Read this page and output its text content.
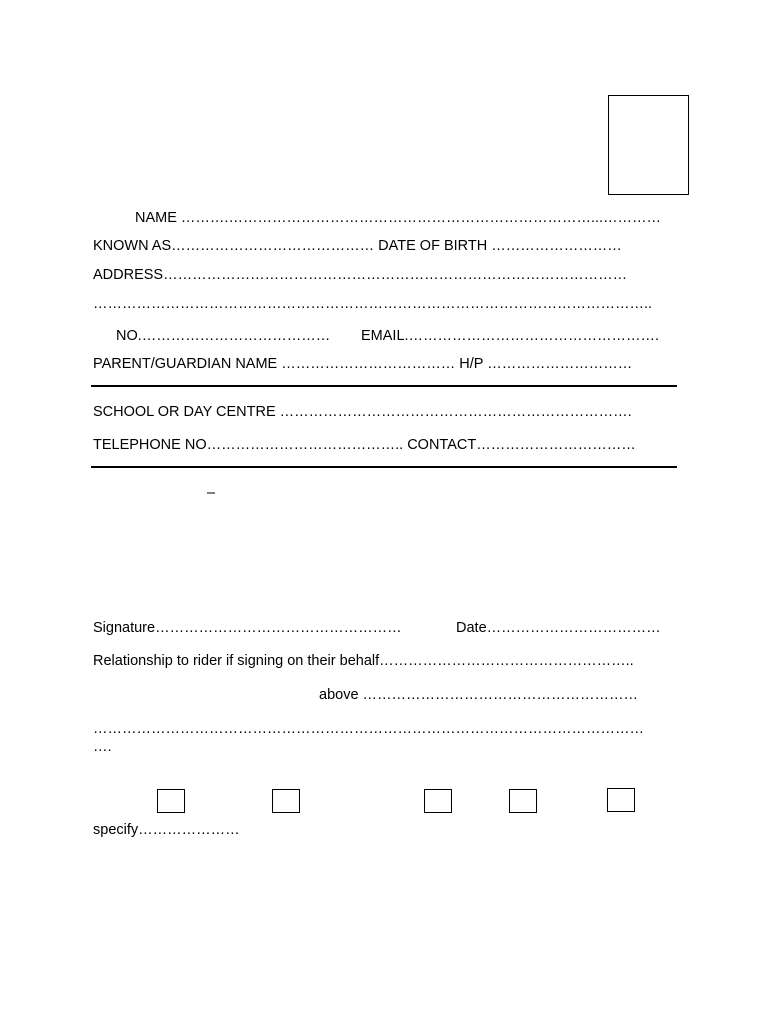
NAME ……….…………………………………………………………………...…………
KNOWN AS…………………………………… DATE OF BIRTH ………………………
ADDRESS……………………………………………………………………………………
……………………………………………………………………………………………………..
NO.………………………………… EMAIL.…………………………………………….
PARENT/GUARDIAN NAME ……………………………… H/P …………………………
SCHOOL OR DAY CENTRE ……………………………………………………………….
TELEPHONE NO………………………………….. CONTACT……………………………
–
Signature……………………………………………	Date………………………………
Relationship to rider if signing on their behalf……………………………………………..
above …………………………………………………
……………………………………………………………………………………………………
….
specify…………………
